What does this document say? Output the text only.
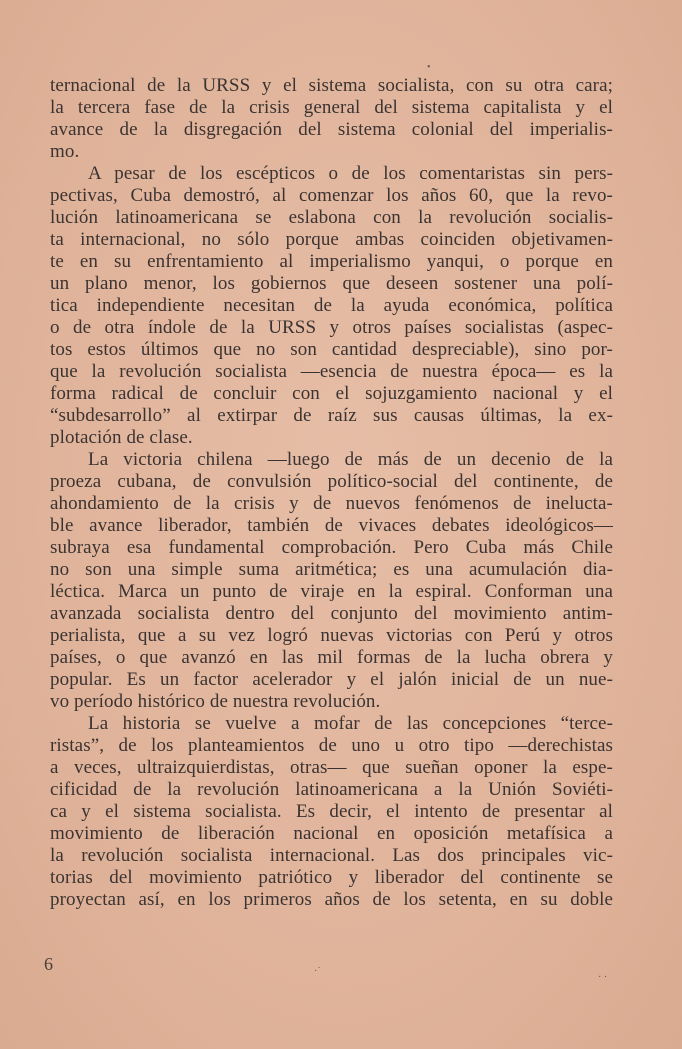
ternacional de la URSS y el sistema socialista, con su otra cara;
la tercera fase de la crisis general del sistema capitalista y el
avance de la disgregación del sistema colonial del imperialis-
mo.
A pesar de los escépticos o de los comentaristas sin pers-
pectivas, Cuba demostró, al comenzar los años 60, que la revo-
lución latinoamericana se eslabona con la revolución socialis-
ta internacional, no sólo porque ambas coinciden objetivamen-
te en su enfrentamiento al imperialismo yanqui, o porque en
un plano menor, los gobiernos que deseen sostener una polí-
tica independiente necesitan de la ayuda económica, política
o de otra índole de la URSS y otros países socialistas (aspec-
tos estos últimos que no son cantidad despreciable), sino por-
que la revolución socialista —esencia de nuestra época— es la
forma radical de concluir con el sojuzgamiento nacional y el
“subdesarrollo” al extirpar de raíz sus causas últimas, la ex-
plotación de clase.
La victoria chilena —luego de más de un decenio de la
proeza cubana, de convulsión político-social del continente, de
ahondamiento de la crisis y de nuevos fenómenos de inelucta-
ble avance liberador, también de vivaces debates ideológicos—
subraya esa fundamental comprobación. Pero Cuba más Chile
no son una simple suma aritmética; es una acumulación dia-
léctica. Marca un punto de viraje en la espiral. Conforman una
avanzada socialista dentro del conjunto del movimiento antim-
perialista, que a su vez logró nuevas victorias con Perú y otros
países, o que avanzó en las mil formas de la lucha obrera y
popular. Es un factor acelerador y el jalón inicial de un nue-
vo período histórico de nuestra revolución.
La historia se vuelve a mofar de las concepciones “terce-
ristas”, de los planteamientos de uno u otro tipo —derechistas
a veces, ultraizquierdistas, otras— que sueñan oponer la espe-
cificidad de la revolución latinoamericana a la Unión Soviéti-
ca y el sistema socialista. Es decir, el intento de presentar al
movimiento de liberación nacional en oposición metafísica a
la revolución socialista internacional. Las dos principales vic-
torias del movimiento patriótico y liberador del continente se
proyectan así, en los primeros años de los setenta, en su doble
6
•
·˙
· ·
